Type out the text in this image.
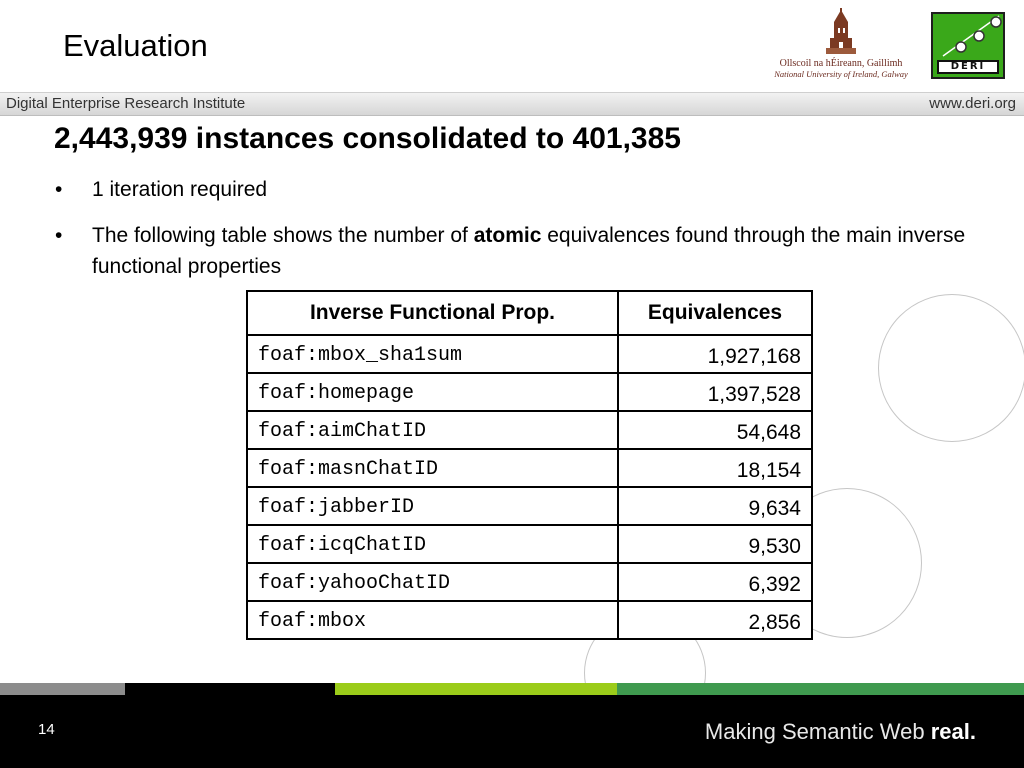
Evaluation
Ollscoil na hÉireann, Gaillimh
National University of Ireland, Galway
DERI
Digital Enterprise Research Institute	www.deri.org
2,443,939 instances consolidated to 401,385
• 1 iteration required
• The following table shows the number of atomic equivalences found through the main inverse functional properties
Inverse Functional Prop.	Equivalences
foaf:mbox_sha1sum	1,927,168
foaf:homepage	1,397,528
foaf:aimChatID	54,648
foaf:masnChatID	18,154
foaf:jabberID	9,634
foaf:icqChatID	9,530
foaf:yahooChatID	6,392
foaf:mbox	2,856
14	Making Semantic Web real.
